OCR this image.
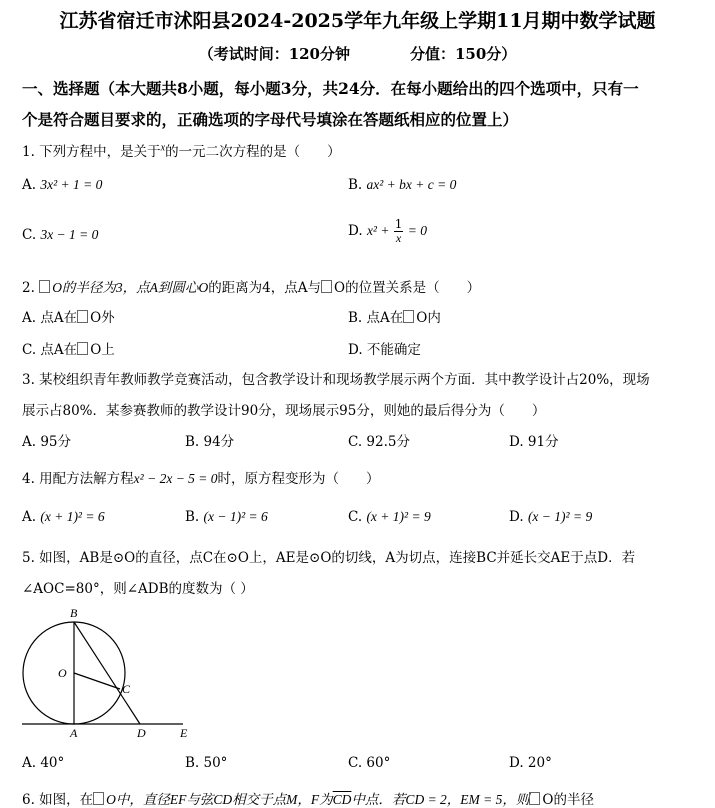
江苏省宿迁市沭阳县2024-2025学年九年级上学期11月期中数学试题
（考试时间：120分钟　　　　分值：150分）
一、选择题（本大题共8小题，每小题3分，共24分．在每小题给出的四个选项中，只有一
个是符合题目要求的，正确选项的字母代号填涂在答题纸相应的位置上）
1. 下列方程中，是关于$^x$的一元二次方程的是（　　）
A. 3x² + 1 = 0	B. ax² + bx + c = 0
C. 3x − 1 = 0	D. $x^2 + \frac{1}{x} = 0$
2. O的半径为3，点A到圆心O的距离为4，点A与 O的位置关系是（　　）
A. 点A在 O外	B. 点A在 O内
C. 点A在 O上	D. 不能确定
3. 某校组织青年教师教学竞赛活动，包含教学设计和现场教学展示两个方面．其中教学设计占20%，现场
展示占80%．某参赛教师的教学设计90分，现场展示95分，则她的最后得分为（　　）
A. 95分	B. 94分	C. 92.5分	D. 91分
4. 用配方法解方程x² − 2x − 5 = 0时，原方程变形为（　　）
A. (x + 1)² = 6	B. (x − 1)² = 6	C. (x + 1)² = 9	D. (x − 1)² = 9
5. 如图，AB是⊙O的直径，点C在⊙O上，AE是⊙O的切线，A为切点，连接BC并延长交AE于点D．若
∠AOC=80°，则∠ADB的度数为（ ）
B
O
C
A	D	E
A. 40°	B. 50°	C. 60°	D. 20°
6. 如图，在 O中，直径EF与弦CD相交于点M，F为$\overline{CD}$中点．若CD = 2，EM = 5，则 O的半径
